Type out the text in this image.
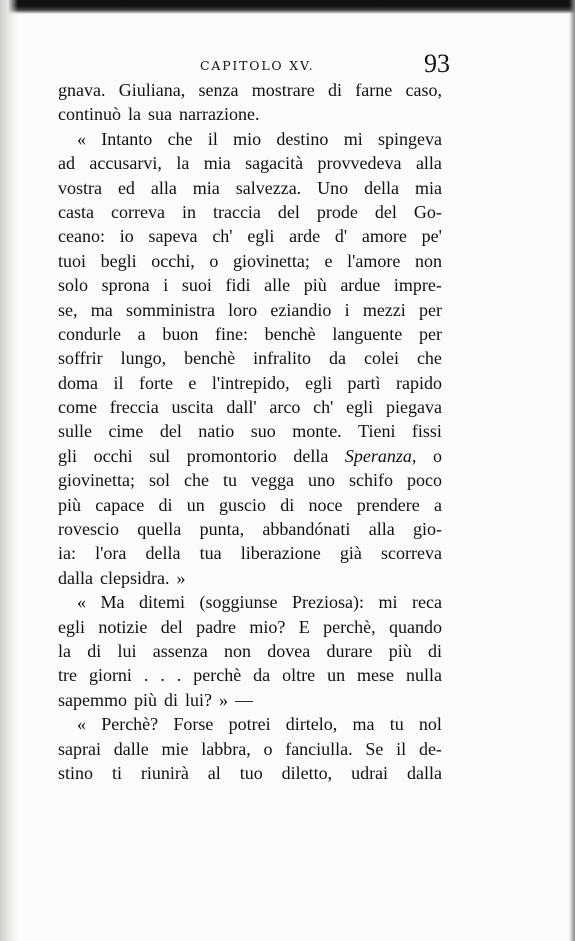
CAPITOLO XV.	93
gnava. Giuliana, senza mostrare di farne caso,
continuò la sua narrazione.
« Intanto che il mio destino mi spingeva
ad accusarvi, la mia sagacità provvedeva alla
vostra ed alla mia salvezza. Uno della mia
casta correva in traccia del prode del Go-
ceano: io sapeva ch' egli arde d' amore pe'
tuoi begli occhi, o giovinetta; e l'amore non
solo sprona i suoi fidi alle più ardue impre-
se, ma somministra loro eziandio i mezzi per
condurle a buon fine: benchè languente per
soffrir lungo, benchè infralito da colei che
doma il forte e l'intrepido, egli partì rapido
come freccia uscita dall' arco ch' egli piegava
sulle cime del natio suo monte. Tieni fissi
gli occhi sul promontorio della Speranza, o
giovinetta; sol che tu vegga uno schifo poco
più capace di un guscio di noce prendere a
rovescio quella punta, abbandónati alla gio-
ia: l'ora della tua liberazione già scorreva
dalla clepsidra. »
« Ma ditemi (soggiunse Preziosa): mi reca
egli notizie del padre mio? E perchè, quando
la di lui assenza non dovea durare più di
tre giorni . . . perchè da oltre un mese nulla
sapemmo più di lui? » —
« Perchè? Forse potrei dirtelo, ma tu nol
saprai dalle mie labbra, o fanciulla. Se il de-
stino ti riunirà al tuo diletto, udrai dalla
